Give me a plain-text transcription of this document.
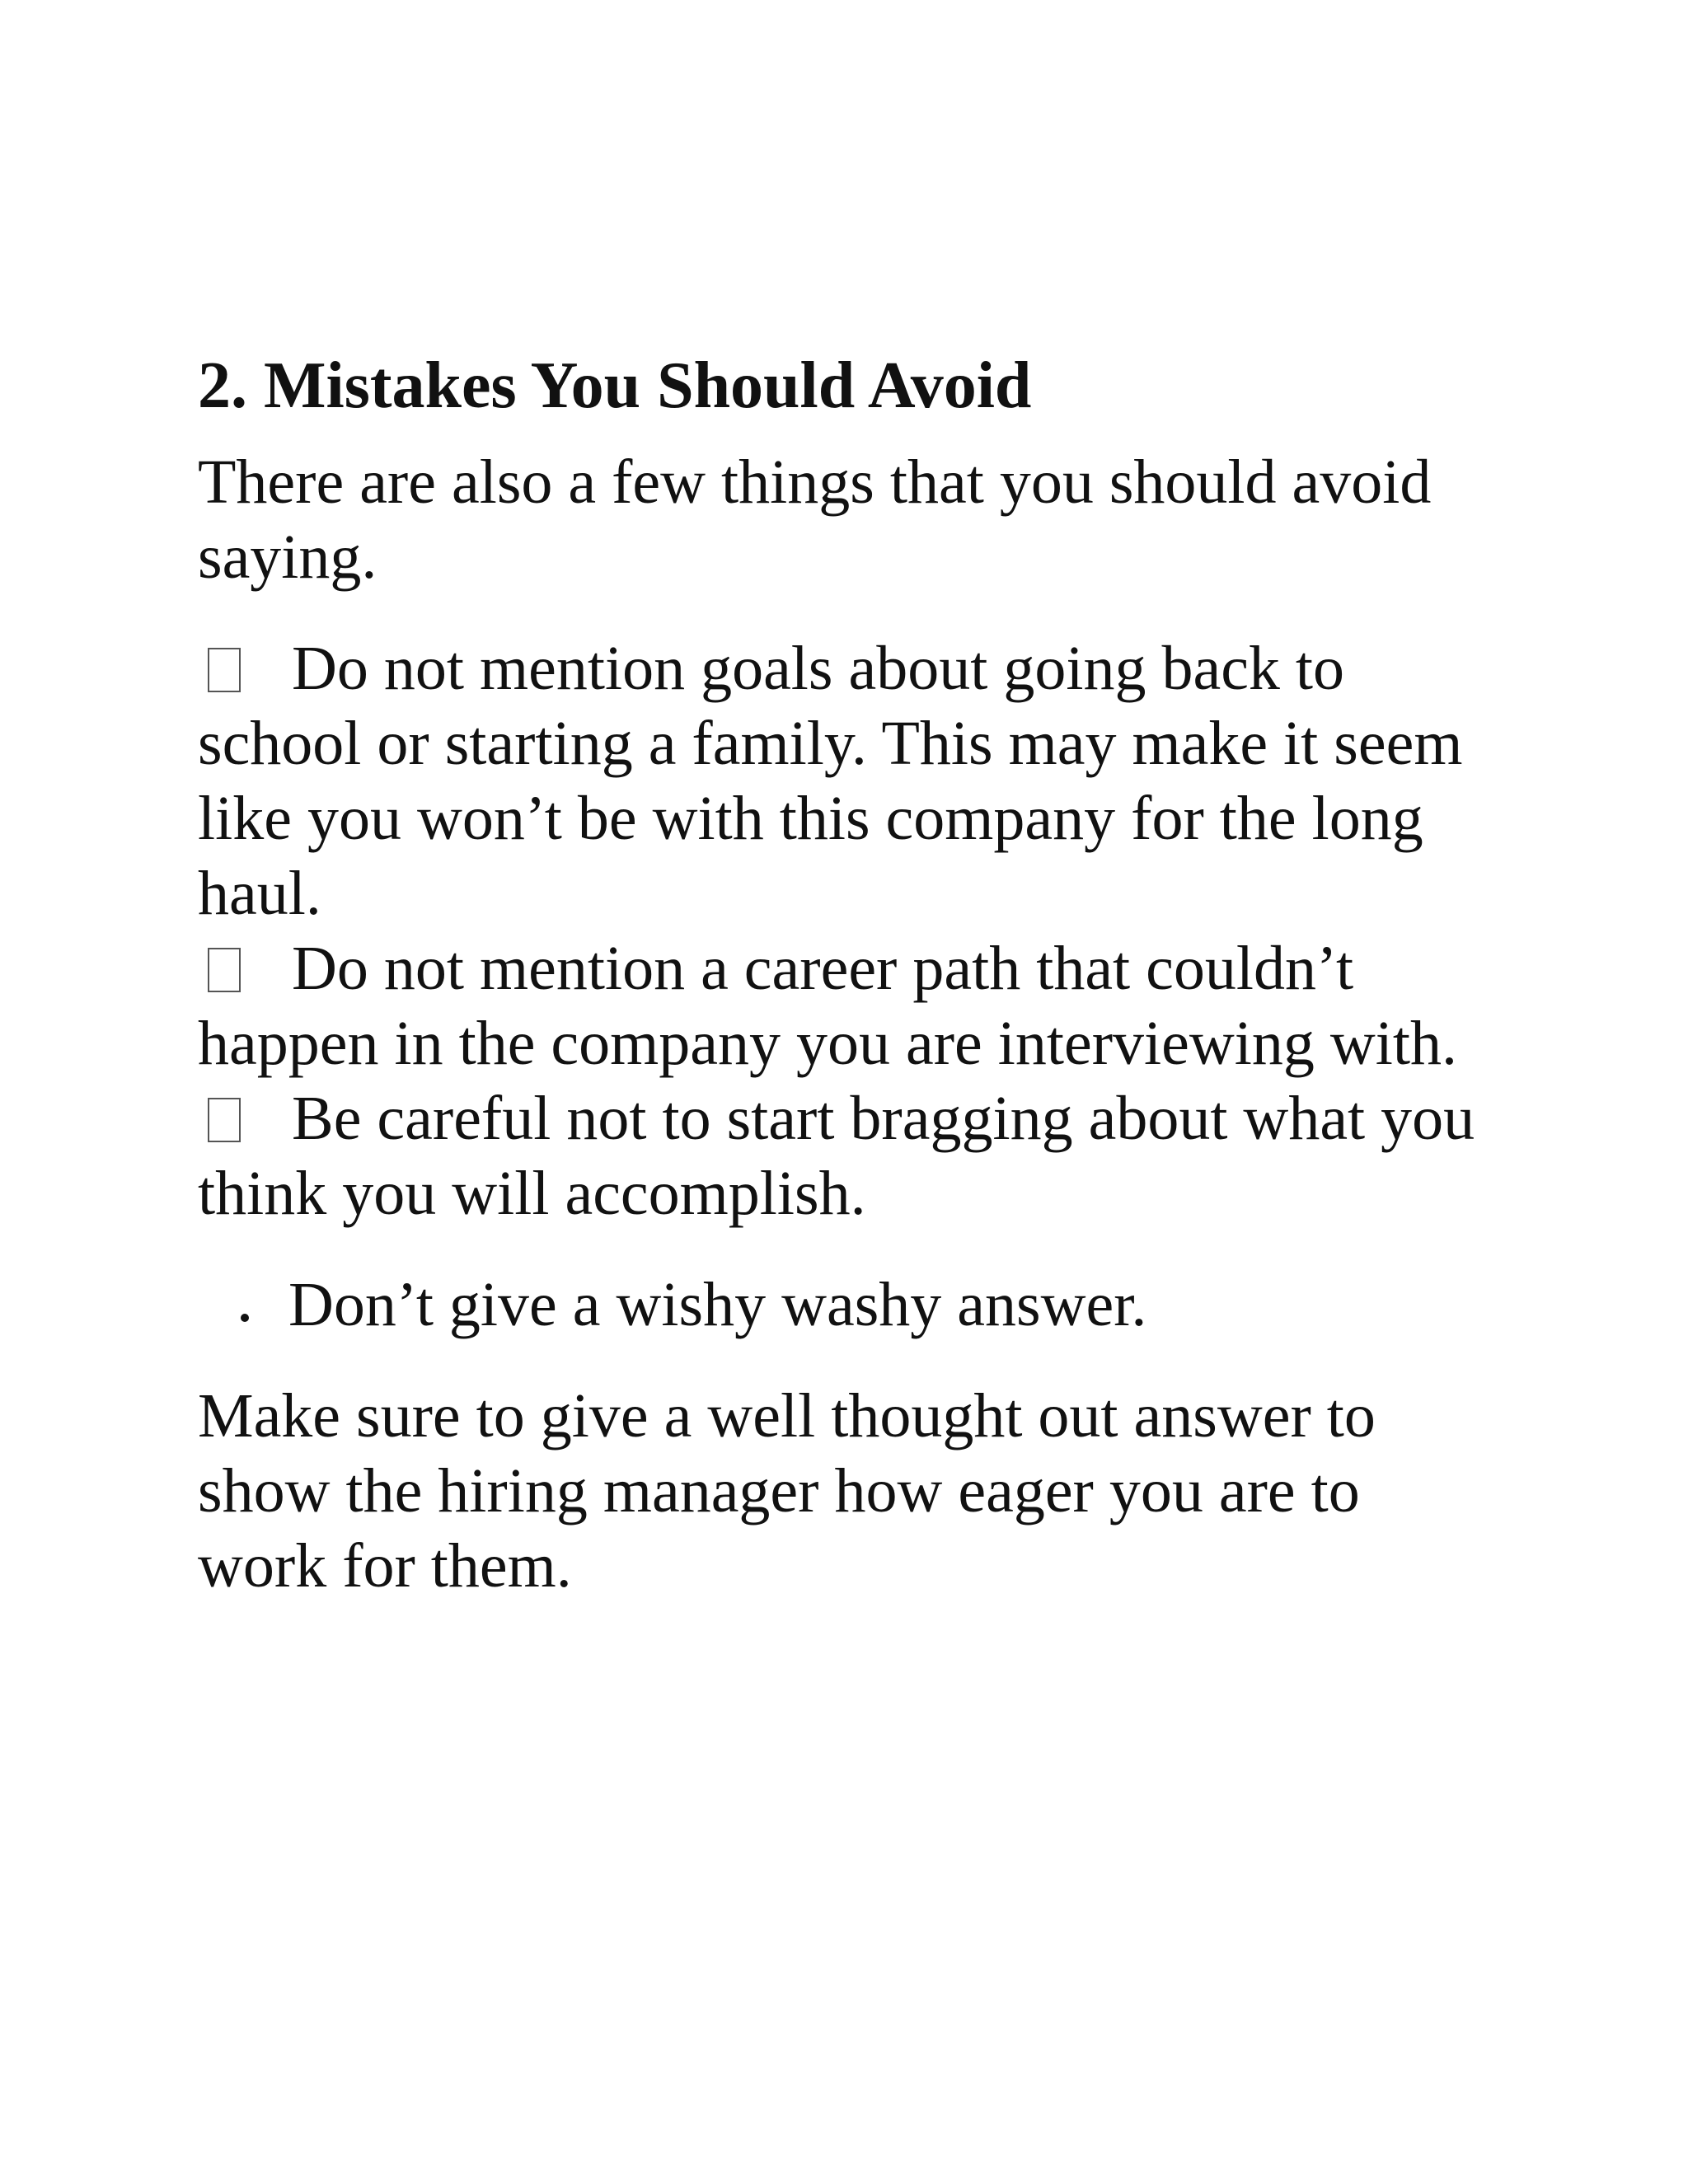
2. Mistakes You Should Avoid

There are also a few things that you should avoid saying.

Do not mention goals about going back to school or starting a family. This may make it seem like you won’t be with this company for the long haul.

Do not mention a career path that couldn’t happen in the company you are interviewing with.

Be careful not to start bragging about what you think you will accomplish.

Don’t give a wishy washy answer.

Make sure to give a well thought out answer to show the hiring manager how eager you are to work for them.
